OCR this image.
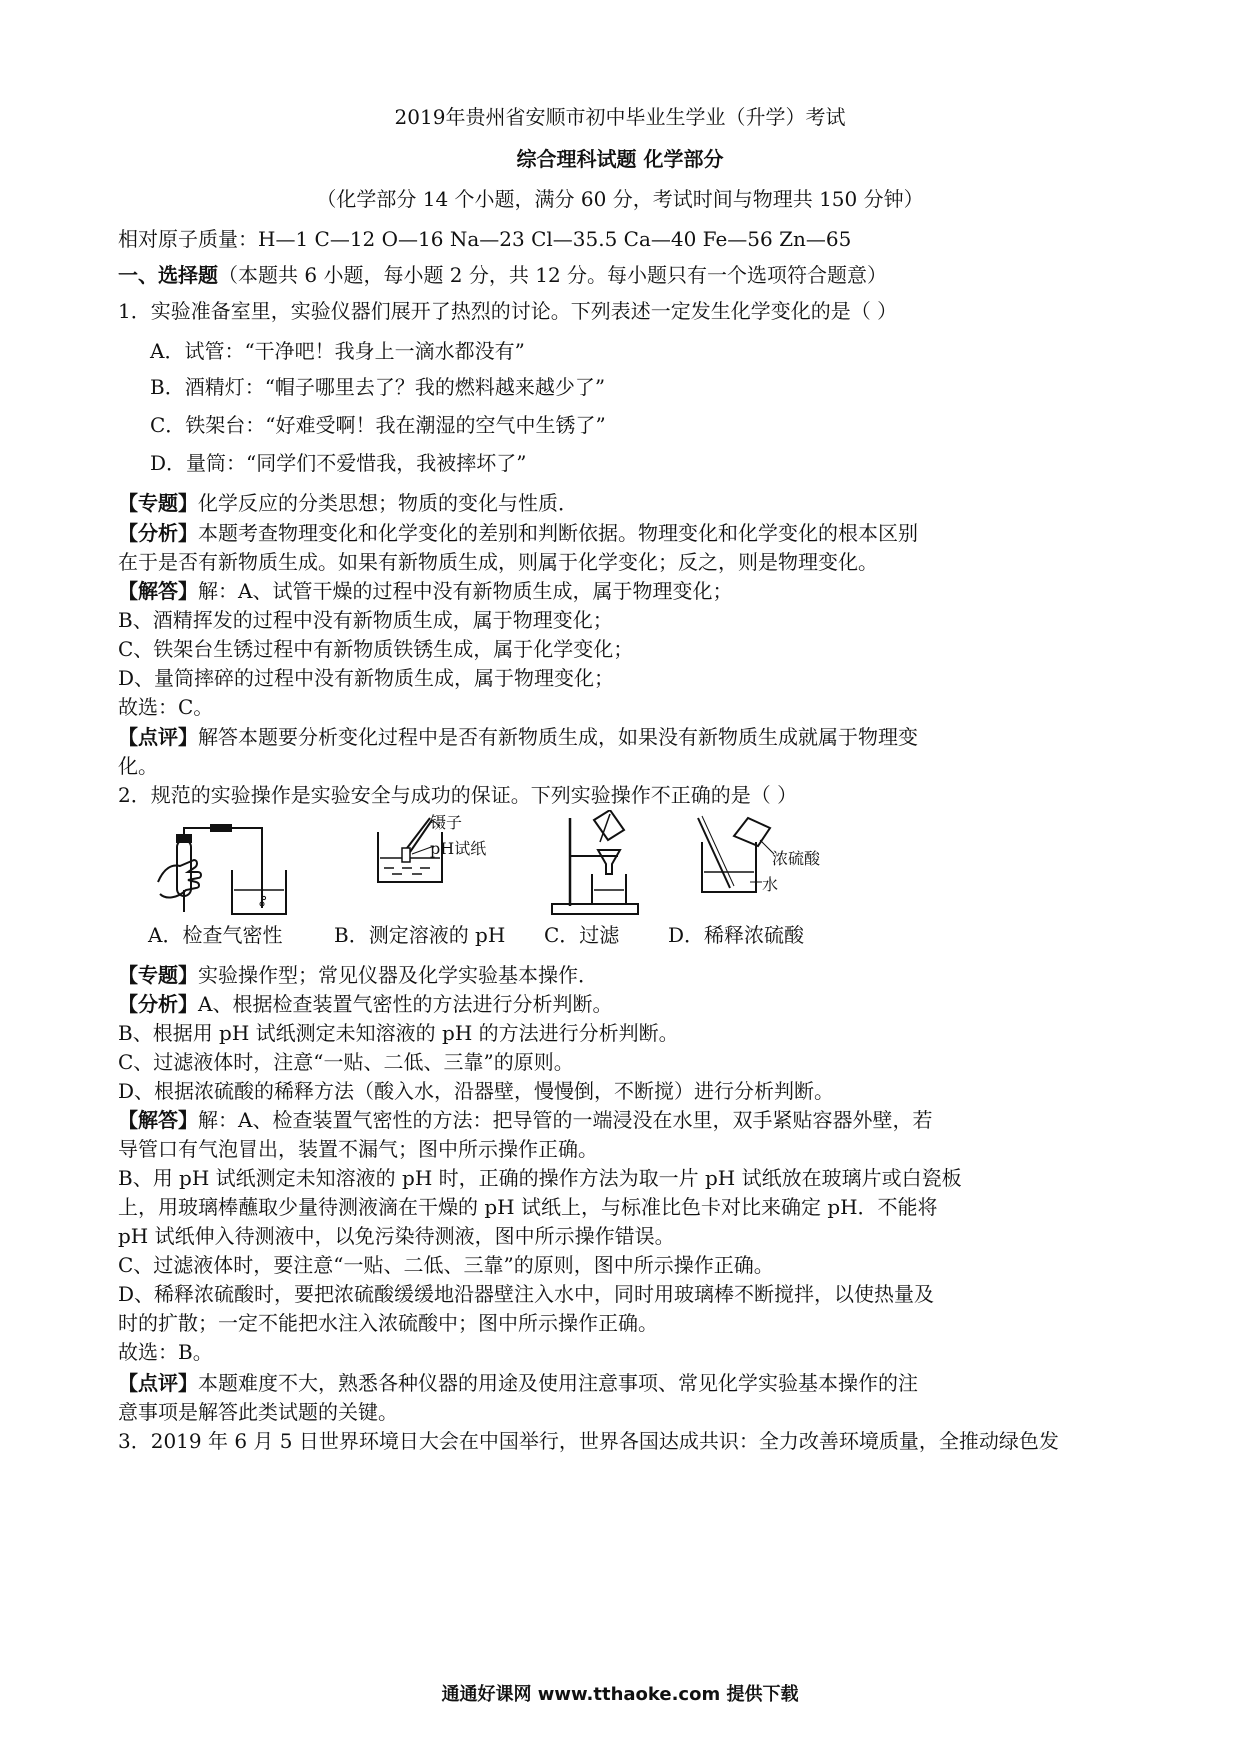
2019年贵州省安顺市初中毕业生学业（升学）考试
综合理科试题 化学部分
（化学部分 14 个小题，满分 60 分，考试时间与物理共 150 分钟）
相对原子质量：H—1 C—12 O—16 Na—23 Cl—35.5 Ca—40 Fe—56 Zn—65
一、选择题（本题共 6 小题，每小题 2 分，共 12 分。每小题只有一个选项符合题意）
1．实验准备室里，实验仪器们展开了热烈的讨论。下列表述一定发生化学变化的是（ ）
A．试管：“干净吧！我身上一滴水都没有”
B．酒精灯：“帽子哪里去了？我的燃料越来越少了”
C．铁架台：“好难受啊！我在潮湿的空气中生锈了”
D．量筒：“同学们不爱惜我，我被摔坏了”
【专题】化学反应的分类思想；物质的变化与性质．
【分析】本题考查物理变化和化学变化的差别和判断依据。物理变化和化学变化的根本区别
在于是否有新物质生成。如果有新物质生成，则属于化学变化；反之，则是物理变化。
【解答】解：A、试管干燥的过程中没有新物质生成，属于物理变化；
B、酒精挥发的过程中没有新物质生成，属于物理变化；
C、铁架台生锈过程中有新物质铁锈生成，属于化学变化；
D、量筒摔碎的过程中没有新物质生成，属于物理变化；
故选：C。
【点评】解答本题要分析变化过程中是否有新物质生成，如果没有新物质生成就属于物理变
化。
2．规范的实验操作是实验安全与成功的保证。下列实验操作不正确的是（ ）
镊子
pH试纸
浓硫酸
水
A．检查气密性	B．测定溶液的 pH C．过滤 D．稀释浓硫酸
【专题】实验操作型；常见仪器及化学实验基本操作．
【分析】A、根据检查装置气密性的方法进行分析判断。
B、根据用 pH 试纸测定未知溶液的 pH 的方法进行分析判断。
C、过滤液体时，注意“一贴、二低、三靠”的原则。
D、根据浓硫酸的稀释方法（酸入水，沿器壁，慢慢倒，不断搅）进行分析判断。
【解答】解：A、检查装置气密性的方法：把导管的一端浸没在水里，双手紧贴容器外壁，若
导管口有气泡冒出，装置不漏气；图中所示操作正确。
B、用 pH 试纸测定未知溶液的 pH 时，正确的操作方法为取一片 pH 试纸放在玻璃片或白瓷板
上，用玻璃棒蘸取少量待测液滴在干燥的 pH 试纸上，与标准比色卡对比来确定 pH．不能将
pH 试纸伸入待测液中，以免污染待测液，图中所示操作错误。
C、过滤液体时，要注意“一贴、二低、三靠”的原则，图中所示操作正确。
D、稀释浓硫酸时，要把浓硫酸缓缓地沿器壁注入水中，同时用玻璃棒不断搅拌，以使热量及
时的扩散；一定不能把水注入浓硫酸中；图中所示操作正确。
故选：B。
【点评】本题难度不大，熟悉各种仪器的用途及使用注意事项、常见化学实验基本操作的注
意事项是解答此类试题的关键。
3．2019 年 6 月 5 日世界环境日大会在中国举行，世界各国达成共识：全力改善环境质量，全推动绿色发
通通好课网 www.tthaoke.com 提供下载
